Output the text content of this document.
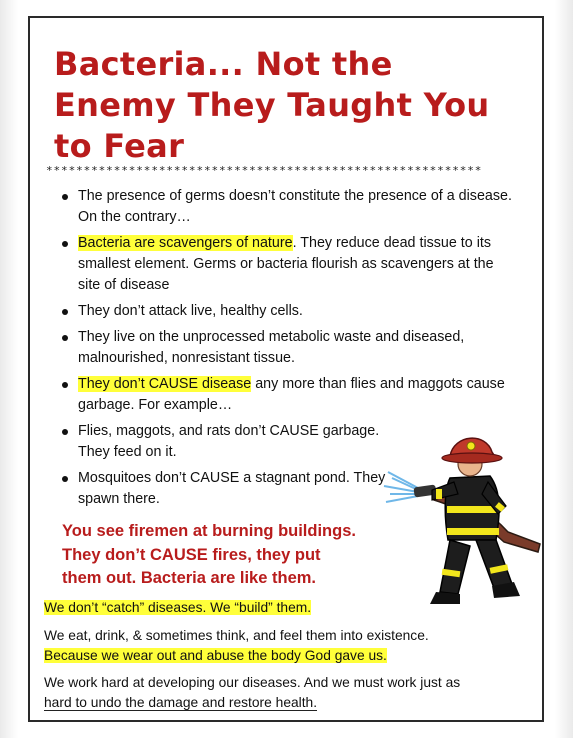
Bacteria... Not the Enemy They Taught You to Fear
**********************************************************
The presence of germs doesn’t constitute the presence of a disease. On the contrary…
Bacteria are scavengers of nature. They reduce dead tissue to its smallest element. Germs or bacteria flourish as scavengers at the site of disease
They don’t attack live, healthy cells.
They live on the unprocessed metabolic waste and diseased, malnourished, nonresistant tissue.
They don’t CAUSE disease any more than flies and maggots cause garbage. For example…
Flies, maggots, and rats don’t CAUSE garbage. They feed on it.
Mosquitoes don’t CAUSE a stagnant pond. They spawn there.
You see firemen at burning buildings.
They don’t CAUSE fires, they put
them out. Bacteria are like them.

We don’t “catch” diseases. We “build” them.

We eat, drink, & sometimes think, and feel them into existence.

Because we wear out and abuse the body God gave us.

We work hard at developing our diseases. And we must work just as

hard to undo the damage and restore health.
